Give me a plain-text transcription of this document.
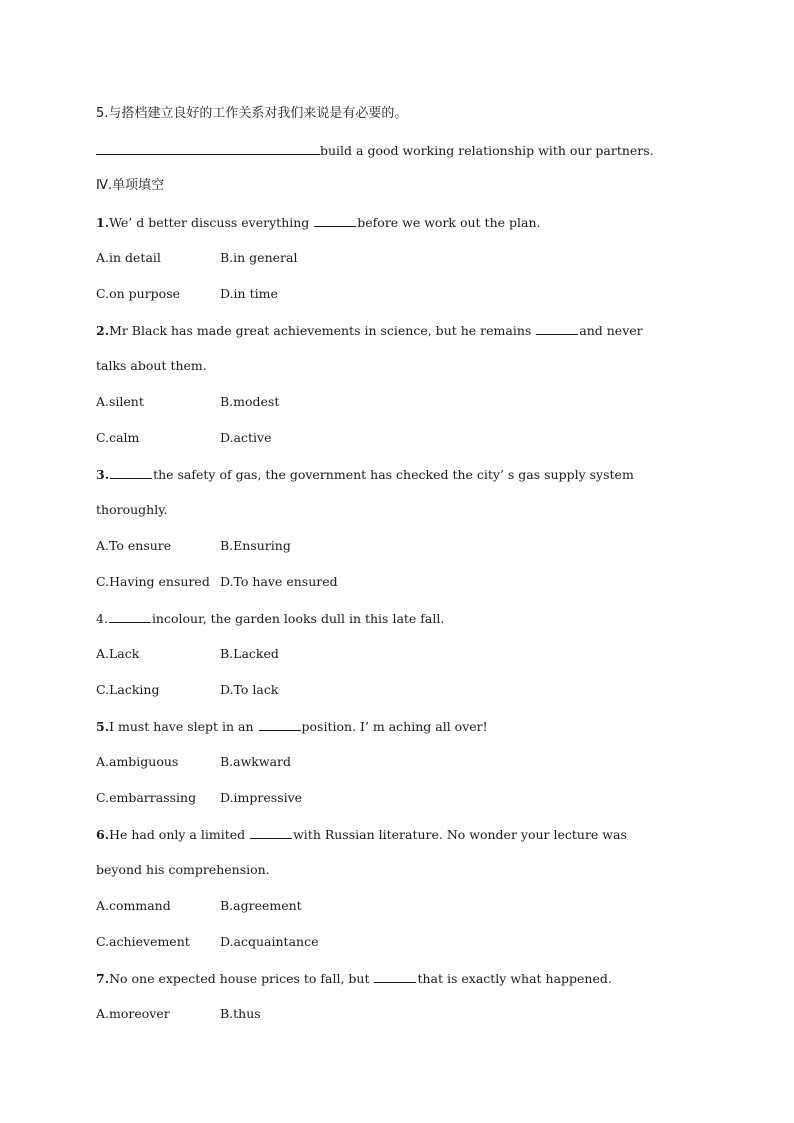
5.与搭档建立良好的工作关系对我们来说是有必要的。
build a good working relationship with our partners.
Ⅳ.单项填空
1.We’ d better discuss everything	before we work out the plan.
A.in detail	B.in general
C.on purpose	D.in time
2.Mr Black has made great achievements in science, but he remains	and never
talks about them.
A.silent	B.modest
C.calm	D.active
3.	the safety of gas, the government has checked the city’ s gas supply system
thoroughly.
A.To ensure	B.Ensuring
C.Having ensured D.To have ensured
4.	incolour, the garden looks dull in this late fall.
A.Lack	B.Lacked
C.Lacking	D.To lack
5.I must have slept in an	position. I’ m aching all over!
A.ambiguous	B.awkward
C.embarrassing D.impressive
6.He had only a limited	with Russian literature. No wonder your lecture was
beyond his comprehension.
A.command	B.agreement
C.achievement D.acquaintance
7.No one expected house prices to fall, but	that is exactly what happened.
A.moreover	B.thus
